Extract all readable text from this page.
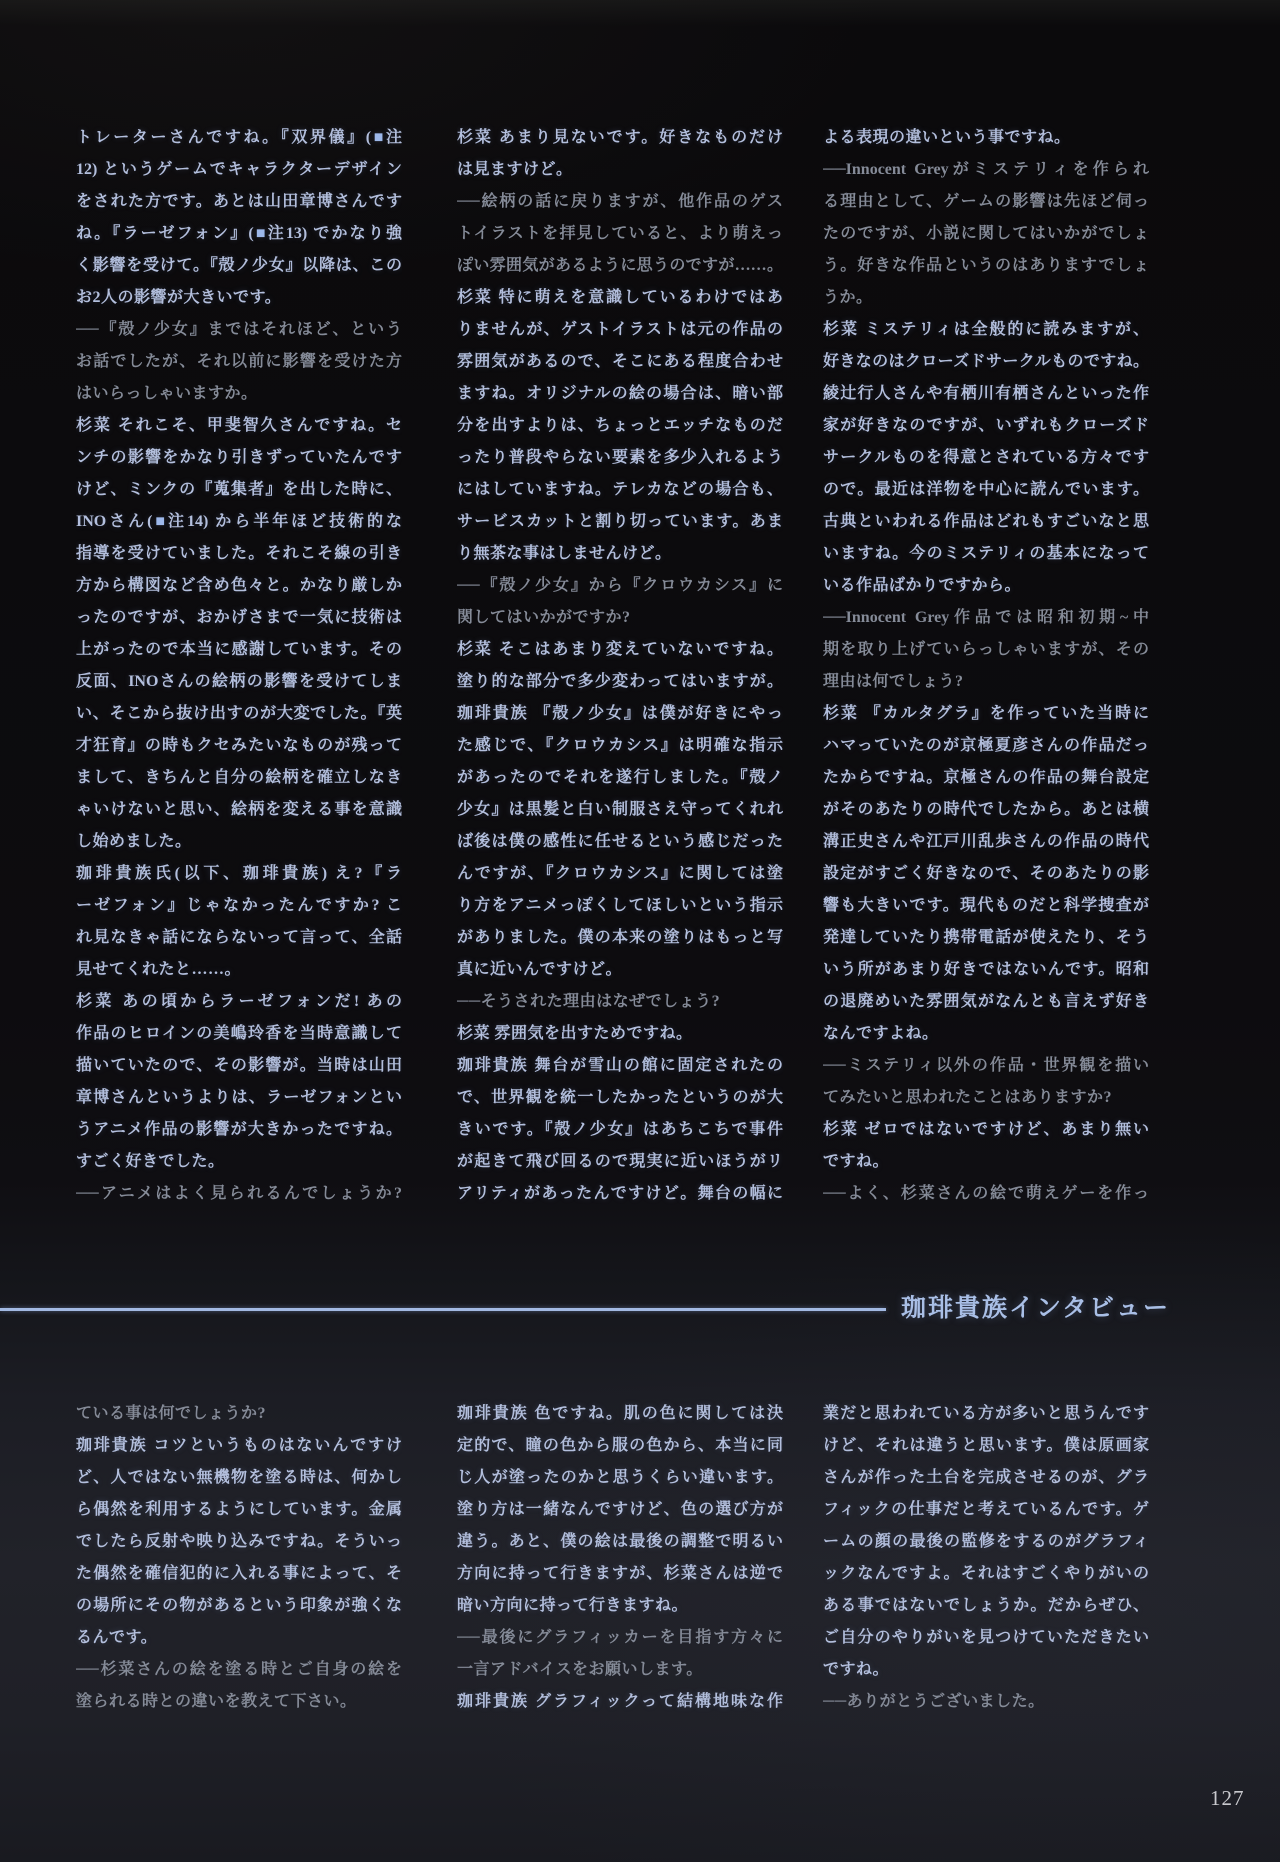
トレーターさんですね。『双界儀』(■注
12) というゲームでキャラクターデザイン
をされた方です。あとは山田章博さんです
ね。『ラーゼフォン』(■注13) でかなり強
く影響を受けて。『殻ノ少女』以降は、この
お2人の影響が大きいです。
──『殻ノ少女』まではそれほど、という
お話でしたが、それ以前に影響を受けた方
はいらっしゃいますか。
杉菜 それこそ、甲斐智久さんですね。セ
ンチの影響をかなり引きずっていたんです
けど、ミンクの『蒐集者』を出した時に、
INOさん(■注14) から半年ほど技術的な
指導を受けていました。それこそ線の引き
方から構図など含め色々と。かなり厳しか
ったのですが、おかげさまで一気に技術は
上がったので本当に感謝しています。その
反面、INOさんの絵柄の影響を受けてしま
い、そこから抜け出すのが大変でした。『英
才狂育』の時もクセみたいなものが残って
まして、きちんと自分の絵柄を確立しなき
ゃいけないと思い、絵柄を変える事を意識
し始めました。
珈琲貴族氏(以下、珈琲貴族) え?『ラ
ーゼフォン』じゃなかったんですか? こ
れ見なきゃ話にならないって言って、全話
見せてくれたと……。
杉菜 あの頃からラーゼフォンだ! あの
作品のヒロインの美嶋玲香を当時意識して
描いていたので、その影響が。当時は山田
章博さんというよりは、ラーゼフォンとい
うアニメ作品の影響が大きかったですね。
すごく好きでした。
──アニメはよく見られるんでしょうか?
杉菜 あまり見ないです。好きなものだけ
は見ますけど。
──絵柄の話に戻りますが、他作品のゲス
トイラストを拝見していると、より萌えっ
ぽい雰囲気があるように思うのですが……。
杉菜 特に萌えを意識しているわけではあ
りませんが、ゲストイラストは元の作品の
雰囲気があるので、そこにある程度合わせ
ますね。オリジナルの絵の場合は、暗い部
分を出すよりは、ちょっとエッチなものだ
ったり普段やらない要素を多少入れるよう
にはしていますね。テレカなどの場合も、
サービスカットと割り切っています。あま
り無茶な事はしませんけど。
──『殻ノ少女』から『クロウカシス』に
関してはいかがですか?
杉菜 そこはあまり変えていないですね。
塗り的な部分で多少変わってはいますが。
珈琲貴族 『殻ノ少女』は僕が好きにやっ
た感じで、『クロウカシス』は明確な指示
があったのでそれを遂行しました。『殻ノ
少女』は黒髪と白い制服さえ守ってくれれ
ば後は僕の感性に任せるという感じだった
んですが、『クロウカシス』に関しては塗
り方をアニメっぽくしてほしいという指示
がありました。僕の本来の塗りはもっと写
真に近いんですけど。
──そうされた理由はなぜでしょう?
杉菜 雰囲気を出すためですね。
珈琲貴族 舞台が雪山の館に固定されたの
で、世界観を統一したかったというのが大
きいです。『殻ノ少女』はあちこちで事件
が起きて飛び回るので現実に近いほうがリ
アリティがあったんですけど。舞台の幅に
よる表現の違いという事ですね。
──Innocent Greyがミステリィを作られ
る理由として、ゲームの影響は先ほど伺っ
たのですが、小説に関してはいかがでしょ
う。好きな作品というのはありますでしょ
うか。
杉菜 ミステリィは全般的に読みますが、
好きなのはクローズドサークルものですね。
綾辻行人さんや有栖川有栖さんといった作
家が好きなのですが、いずれもクローズド
サークルものを得意とされている方々です
ので。最近は洋物を中心に読んでいます。
古典といわれる作品はどれもすごいなと思
いますね。今のミステリィの基本になって
いる作品ばかりですから。
──Innocent Grey作品では昭和初期~中
期を取り上げていらっしゃいますが、その
理由は何でしょう?
杉菜 『カルタグラ』を作っていた当時に
ハマっていたのが京極夏彦さんの作品だっ
たからですね。京極さんの作品の舞台設定
がそのあたりの時代でしたから。あとは横
溝正史さんや江戸川乱歩さんの作品の時代
設定がすごく好きなので、そのあたりの影
響も大きいです。現代ものだと科学捜査が
発達していたり携帯電話が使えたり、そう
いう所があまり好きではないんです。昭和
の退廃めいた雰囲気がなんとも言えず好き
なんですよね。
──ミステリィ以外の作品・世界観を描い
てみたいと思われたことはありますか?
杉菜 ゼロではないですけど、あまり無い
ですね。
──よく、杉菜さんの絵で萌えゲーを作っ
珈琲貴族インタビュー
ている事は何でしょうか?
珈琲貴族 コツというものはないんですけ
ど、人ではない無機物を塗る時は、何かし
ら偶然を利用するようにしています。金属
でしたら反射や映り込みですね。そういっ
た偶然を確信犯的に入れる事によって、そ
の場所にその物があるという印象が強くな
るんです。
──杉菜さんの絵を塗る時とご自身の絵を
塗られる時との違いを教えて下さい。
珈琲貴族 色ですね。肌の色に関しては決
定的で、瞳の色から服の色から、本当に同
じ人が塗ったのかと思うくらい違います。
塗り方は一緒なんですけど、色の選び方が
違う。あと、僕の絵は最後の調整で明るい
方向に持って行きますが、杉菜さんは逆で
暗い方向に持って行きますね。
──最後にグラフィッカーを目指す方々に
一言アドバイスをお願いします。
珈琲貴族 グラフィックって結構地味な作
業だと思われている方が多いと思うんです
けど、それは違うと思います。僕は原画家
さんが作った土台を完成させるのが、グラ
フィックの仕事だと考えているんです。ゲ
ームの顔の最後の監修をするのがグラフィ
ックなんですよ。それはすごくやりがいの
ある事ではないでしょうか。だからぜひ、
ご自分のやりがいを見つけていただきたい
ですね。
──ありがとうございました。
127
